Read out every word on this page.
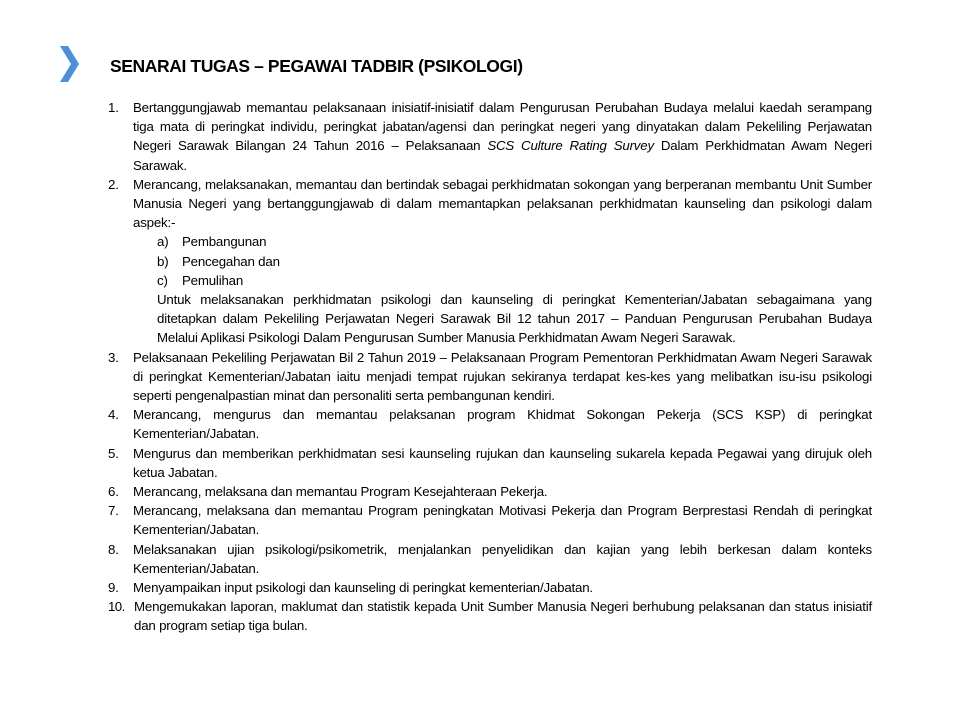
SENARAI TUGAS – PEGAWAI TADBIR (PSIKOLOGI)
1.	Bertanggungjawab memantau pelaksanaan inisiatif-inisiatif dalam Pengurusan Perubahan Budaya melalui kaedah serampang tiga mata di peringkat individu, peringkat jabatan/agensi dan peringkat negeri yang dinyatakan dalam Pekeliling Perjawatan Negeri Sarawak Bilangan 24 Tahun 2016 – Pelaksanaan SCS Culture Rating Survey Dalam Perkhidmatan Awam Negeri Sarawak.
2.	Merancang, melaksanakan, memantau dan bertindak sebagai perkhidmatan sokongan yang berperanan membantu Unit Sumber Manusia Negeri yang bertanggungjawab di dalam memantapkan pelaksanan perkhidmatan kaunseling dan psikologi dalam aspek:-
a)	Pembangunan
b)	Pencegahan dan
c)	Pemulihan
Untuk melaksanakan perkhidmatan psikologi dan kaunseling di peringkat Kementerian/Jabatan sebagaimana yang ditetapkan dalam Pekeliling Perjawatan Negeri Sarawak Bil 12 tahun 2017 – Panduan Pengurusan Perubahan Budaya Melalui Aplikasi Psikologi Dalam Pengurusan Sumber Manusia Perkhidmatan Awam Negeri Sarawak.
3.	Pelaksanaan Pekeliling Perjawatan Bil 2 Tahun 2019 – Pelaksanaan Program Pementoran Perkhidmatan Awam Negeri Sarawak di peringkat Kementerian/Jabatan iaitu menjadi tempat rujukan sekiranya terdapat kes-kes yang melibatkan isu-isu psikologi seperti pengenalpastian minat dan personaliti serta pembangunan kendiri.
4.	Merancang, mengurus dan memantau pelaksanan program Khidmat Sokongan Pekerja (SCS KSP) di peringkat Kementerian/Jabatan.
5.	Mengurus dan memberikan perkhidmatan sesi kaunseling rujukan dan kaunseling sukarela kepada Pegawai yang dirujuk oleh ketua Jabatan.
6.	Merancang, melaksana dan memantau Program Kesejahteraan Pekerja.
7.	Merancang, melaksana dan memantau Program peningkatan Motivasi Pekerja dan Program Berprestasi Rendah di peringkat Kementerian/Jabatan.
8.	Melaksanakan ujian psikologi/psikometrik, menjalankan penyelidikan dan kajian yang lebih berkesan dalam konteks Kementerian/Jabatan.
9.	Menyampaikan input psikologi dan kaunseling di peringkat kementerian/Jabatan.
10. Mengemukakan laporan, maklumat dan statistik kepada Unit Sumber Manusia Negeri berhubung pelaksanan dan status inisiatif dan program setiap tiga bulan.
